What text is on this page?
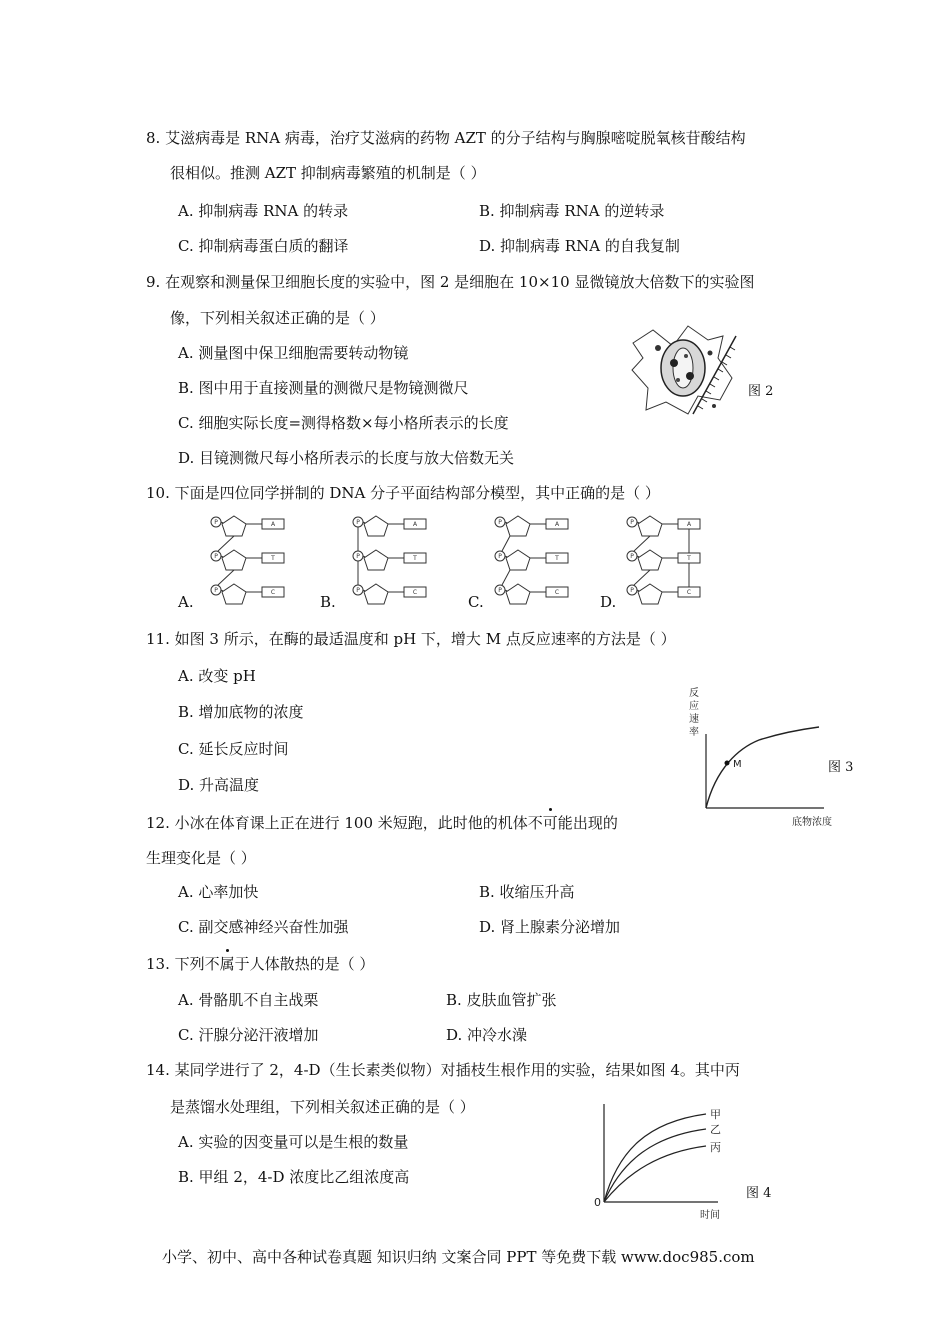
8. 艾滋病毒是 RNA 病毒，治疗艾滋病的药物 AZT 的分子结构与胸腺嘧啶脱氧核苷酸结构
很相似。推测 AZT 抑制病毒繁殖的机制是（ ）
A. 抑制病毒 RNA 的转录	B. 抑制病毒 RNA 的逆转录
C. 抑制病毒蛋白质的翻译	D. 抑制病毒 RNA 的自我复制
9. 在观察和测量保卫细胞长度的实验中，图 2 是细胞在 10×10 显微镜放大倍数下的实验图
像，下列相关叙述正确的是（ ）
A. 测量图中保卫细胞需要转动物镜
B. 图中用于直接测量的测微尺是物镜测微尺
C. 细胞实际长度=测得格数×每小格所表示的长度
D. 目镜测微尺每小格所表示的长度与放大倍数无关
图 2
10. 下面是四位同学拼制的 DNA 分子平面结构部分模型，其中正确的是（ ）
A.	B.	C.	D.
P
P
P
A
T
C
P
P
P
A
T
C
P
P
P
A
T
C
P
P
P
A
T
C
11. 如图 3 所示，在酶的最适温度和 pH 下，增大 M 点反应速率的方法是（ ）
A. 改变 pH
B. 增加底物的浓度
C. 延长反应时间
D. 升高温度
反
应
速
率
M
底物浓度
图 3
12. 小冰在体育课上正在进行 100 米短跑，此时他的机体不可能出现的
生理变化是（ ）
A. 心率加快	B. 收缩压升高
C. 副交感神经兴奋性加强	D. 肾上腺素分泌增加
13. 下列不属于人体散热的是（ ）
A. 骨骼肌不自主战栗	B. 皮肤血管扩张
C. 汗腺分泌汗液增加	D. 冲冷水澡
14. 某同学进行了 2，4-D（生长素类似物）对插枝生根作用的实验，结果如图 4。其中丙
是蒸馏水处理组，下列相关叙述正确的是（ ）
A. 实验的因变量可以是生根的数量
B. 甲组 2，4-D 浓度比乙组浓度高
甲
乙
丙
0
时间
图 4
小学、初中、高中各种试卷真题 知识归纳 文案合同 PPT 等免费下载 www.doc985.com
